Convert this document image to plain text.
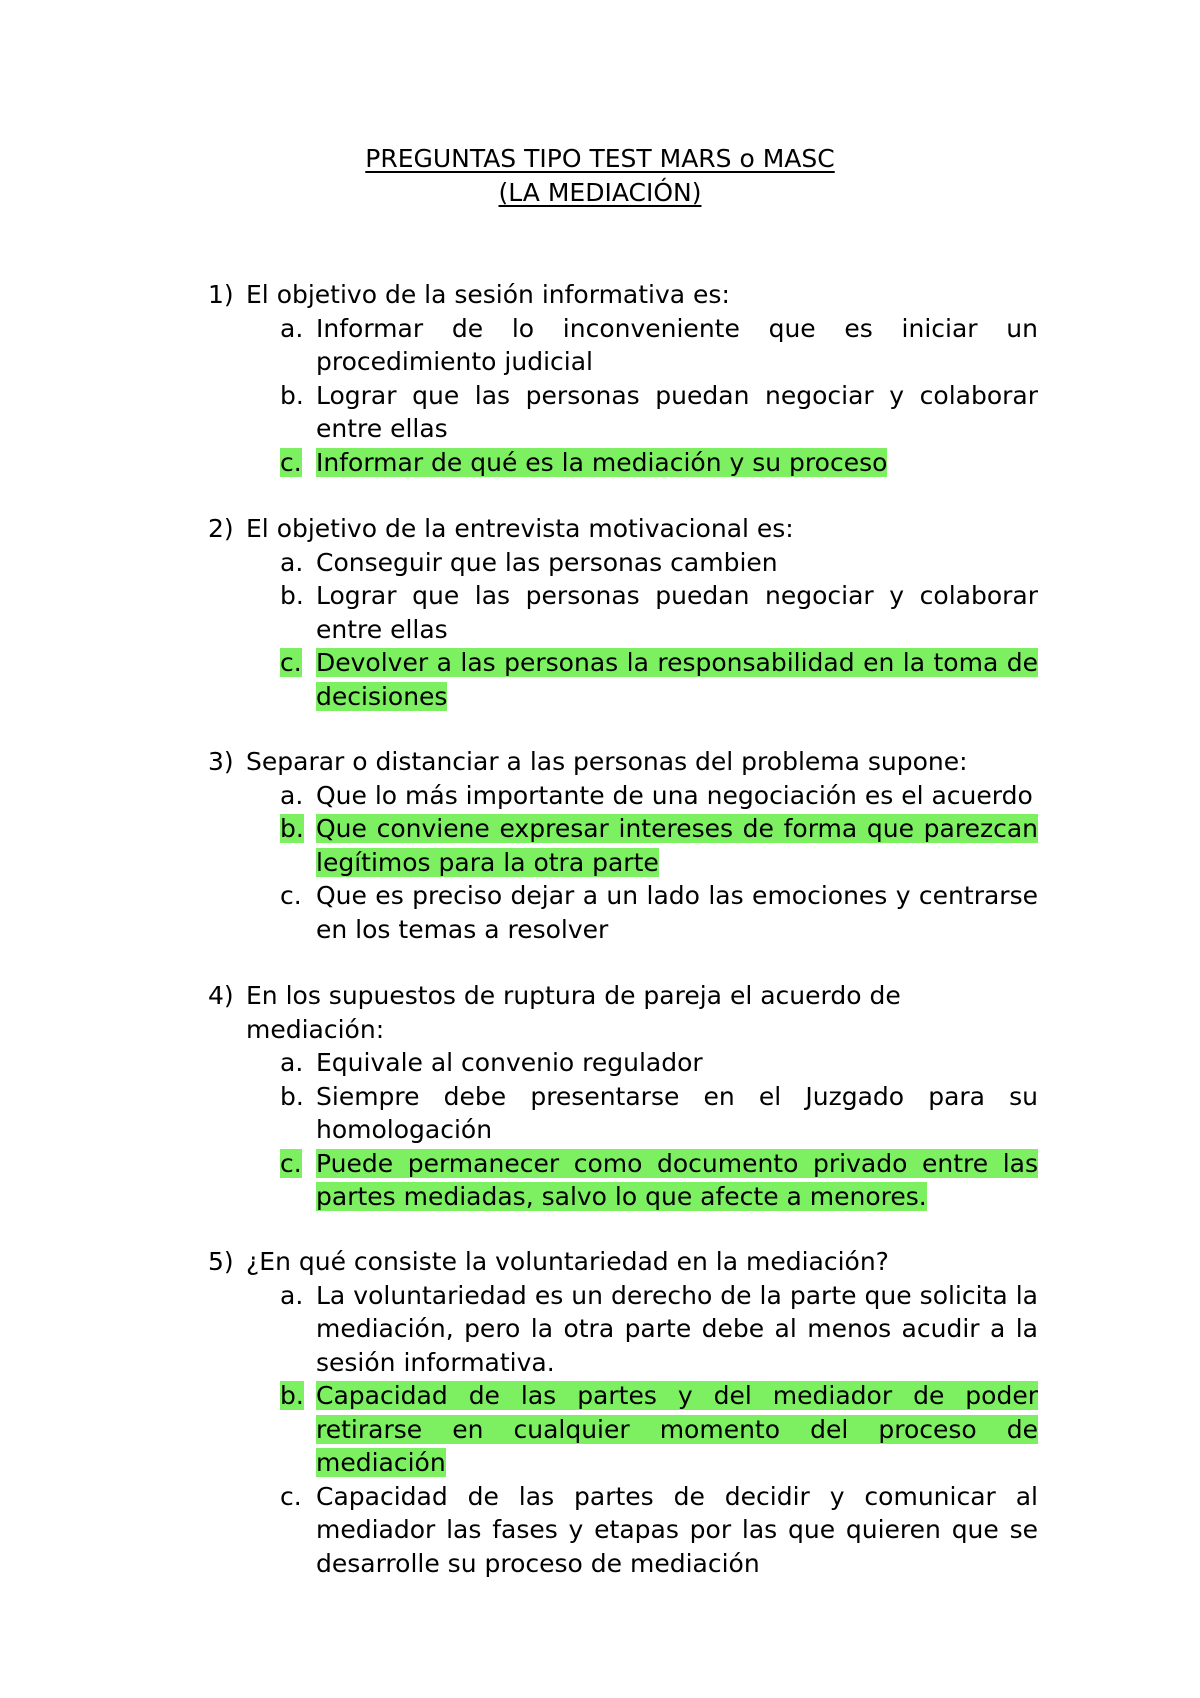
PREGUNTAS TIPO TEST MARS o MASC
(LA MEDIACIÓN)
1) El objetivo de la sesión informativa es:
a. Informar de lo inconveniente que es iniciar un procedimiento judicial
b. Lograr que las personas puedan negociar y colaborar entre ellas
c. Informar de qué es la mediación y su proceso
2) El objetivo de la entrevista motivacional es:
a. Conseguir que las personas cambien
b. Lograr que las personas puedan negociar y colaborar entre ellas
c. Devolver a las personas la responsabilidad en la toma de decisiones
3) Separar o distanciar a las personas del problema supone:
a. Que lo más importante de una negociación es el acuerdo
b. Que conviene expresar intereses de forma que parezcan legítimos para la otra parte
c. Que es preciso dejar a un lado las emociones y centrarse en los temas a resolver
4) En los supuestos de ruptura de pareja el acuerdo de mediación:
a. Equivale al convenio regulador
b. Siempre debe presentarse en el Juzgado para su homologación
c. Puede permanecer como documento privado entre las partes mediadas, salvo lo que afecte a menores.
5) ¿En qué consiste la voluntariedad en la mediación?
a. La voluntariedad es un derecho de la parte que solicita la mediación, pero la otra parte debe al menos acudir a la sesión informativa.
b. Capacidad de las partes y del mediador de poder retirarse en cualquier momento del proceso de mediación
c. Capacidad de las partes de decidir y comunicar al mediador las fases y etapas por las que quieren que se desarrolle su proceso de mediación
